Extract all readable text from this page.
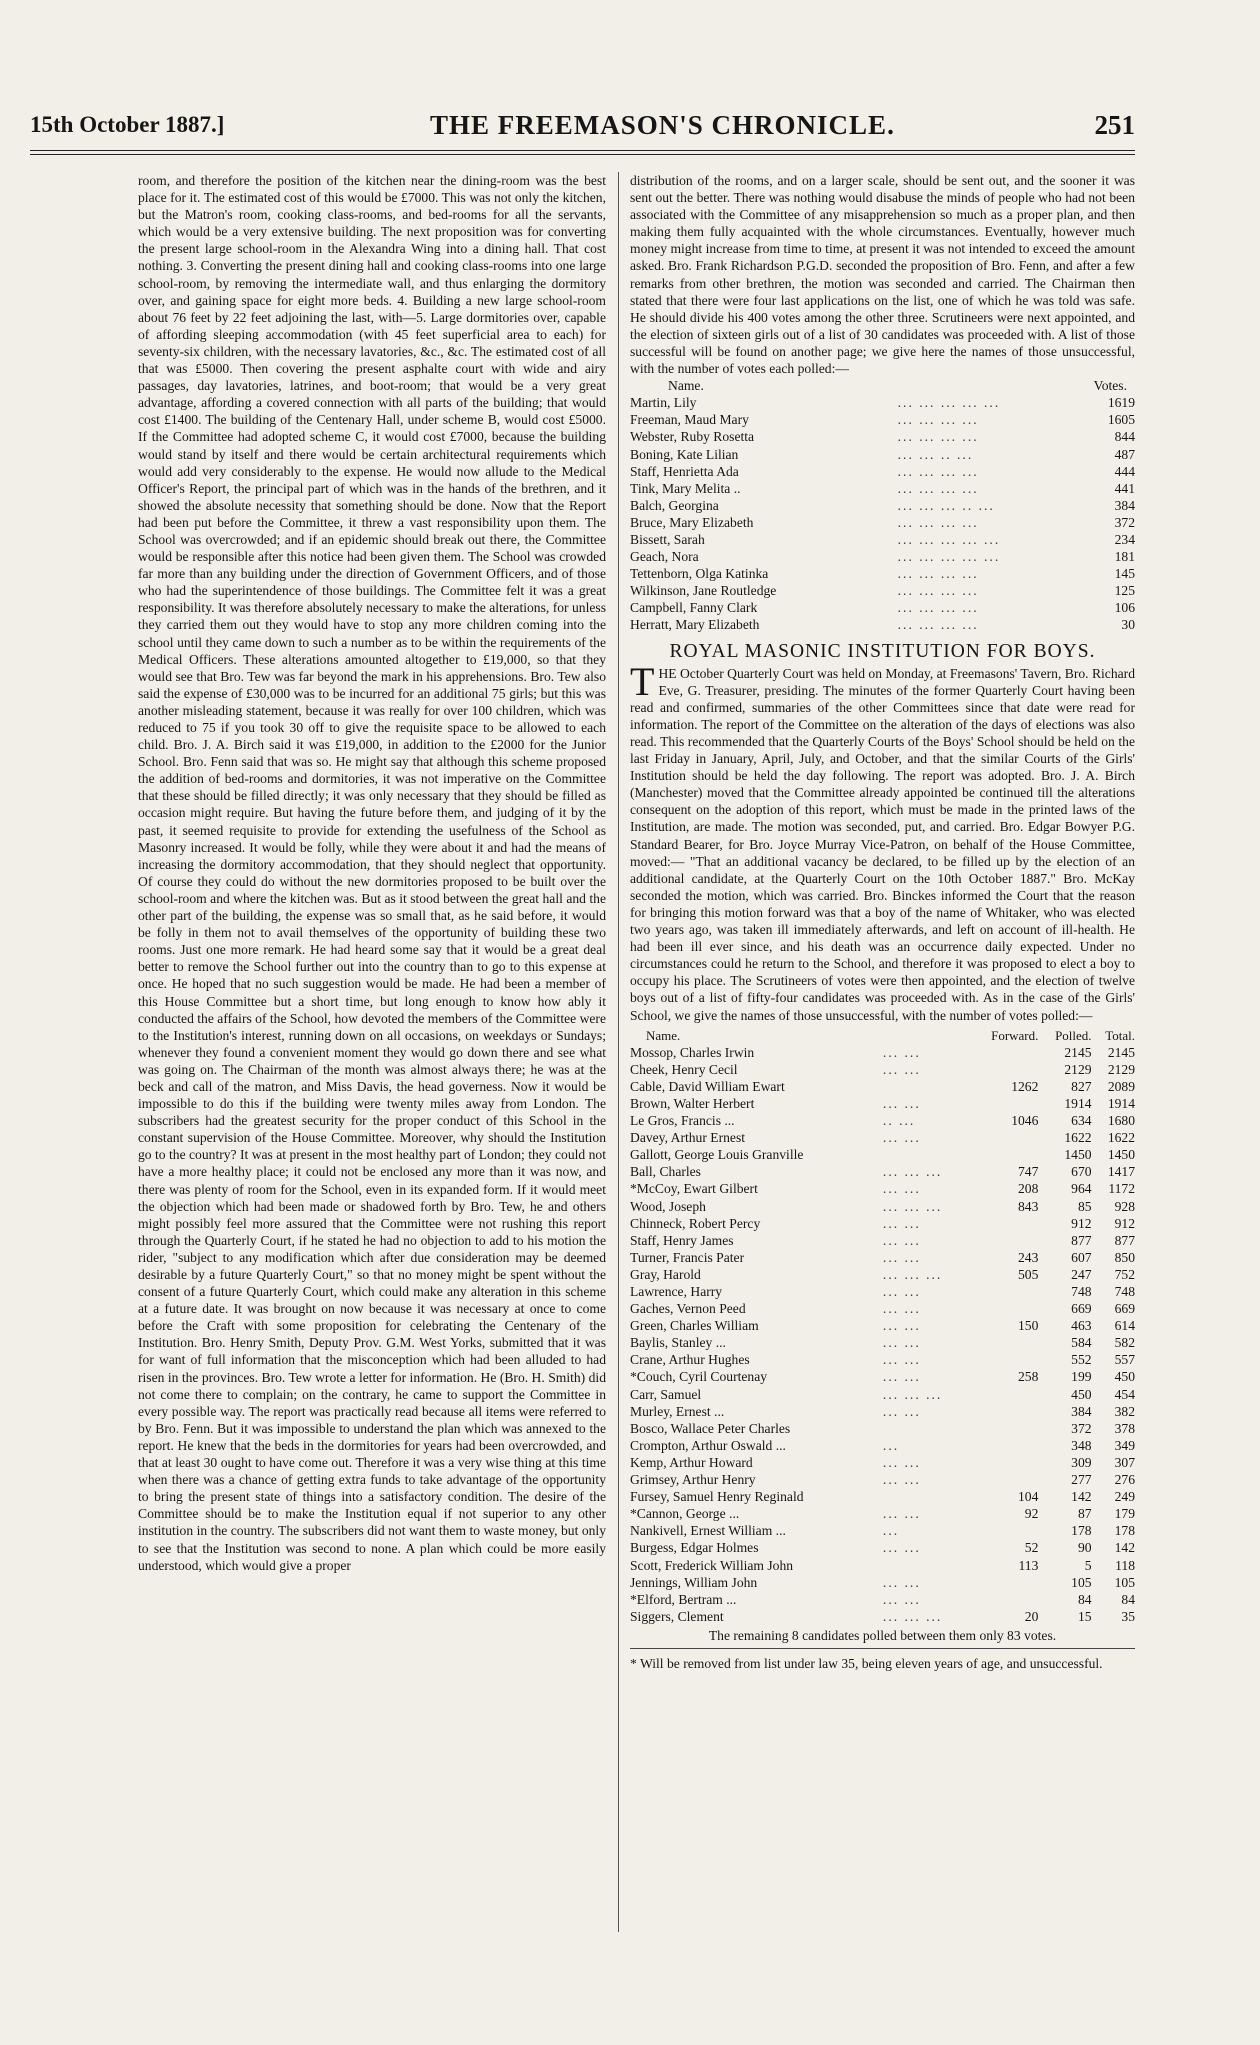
15th October 1887.]	THE FREEMASON'S CHRONICLE.	251

room, and therefore the position of the kitchen near the dining-room was the best place for it. The estimated cost of this would be £7000. This was not only the kitchen, but the Matron's room, cooking class-rooms, and bed-rooms for all the servants, which would be a very extensive building. The next proposition was for converting the present large school-room in the Alexandra Wing into a dining hall. That cost nothing. 3. Converting the present dining hall and cooking class-rooms into one large school-room, by removing the intermediate wall, and thus enlarging the dormitory over, and gaining space for eight more beds. 4. Building a new large school-room about 76 feet by 22 feet adjoining the last, with—5. Large dormitories over, capable of affording sleeping accommodation (with 45 feet superficial area to each) for seventy-six children, with the necessary lavatories, &c., &c. The estimated cost of all that was £5000. Then covering the present asphalte court with wide and airy passages, day lavatories, latrines, and boot-room; that would be a very great advantage, affording a covered connection with all parts of the building; that would cost £1400. The building of the Centenary Hall, under scheme B, would cost £5000. If the Committee had adopted scheme C, it would cost £7000, because the building would stand by itself and there would be certain architectural requirements which would add very considerably to the expense. He would now allude to the Medical Officer's Report, the principal part of which was in the hands of the brethren, and it showed the absolute necessity that something should be done. Now that the Report had been put before the Committee, it threw a vast responsibility upon them. The School was overcrowded; and if an epidemic should break out there, the Committee would be responsible after this notice had been given them. The School was crowded far more than any building under the direction of Government Officers, and of those who had the superintendence of those buildings. The Committee felt it was a great responsibility. It was therefore absolutely necessary to make the alterations, for unless they carried them out they would have to stop any more children coming into the school until they came down to such a number as to be within the requirements of the Medical Officers. These alterations amounted altogether to £19,000, so that they would see that Bro. Tew was far beyond the mark in his apprehensions. Bro. Tew also said the expense of £30,000 was to be incurred for an additional 75 girls; but this was another misleading statement, because it was really for over 100 children, which was reduced to 75 if you took 30 off to give the requisite space to be allowed to each child. Bro. J. A. Birch said it was £19,000, in addition to the £2000 for the Junior School. Bro. Fenn said that was so. He might say that although this scheme proposed the addition of bed-rooms and dormitories, it was not imperative on the Committee that these should be filled directly; it was only necessary that they should be filled as occasion might require. But having the future before them, and judging of it by the past, it seemed requisite to provide for extending the usefulness of the School as Masonry increased. It would be folly, while they were about it and had the means of increasing the dormitory accommodation, that they should neglect that opportunity. Of course they could do without the new dormitories proposed to be built over the school-room and where the kitchen was. But as it stood between the great hall and the other part of the building, the expense was so small that, as he said before, it would be folly in them not to avail themselves of the opportunity of building these two rooms. Just one more remark. He had heard some say that it would be a great deal better to remove the School further out into the country than to go to this expense at once. He hoped that no such suggestion would be made. He had been a member of this House Committee but a short time, but long enough to know how ably it conducted the affairs of the School, how devoted the members of the Committee were to the Institution's interest, running down on all occasions, on weekdays or Sundays; whenever they found a convenient moment they would go down there and see what was going on. The Chairman of the month was almost always there; he was at the beck and call of the matron, and Miss Davis, the head governess. Now it would be impossible to do this if the building were twenty miles away from London. The subscribers had the greatest security for the proper conduct of this School in the constant supervision of the House Committee. Moreover, why should the Institution go to the country? It was at present in the most healthy part of London; they could not have a more healthy place; it could not be enclosed any more than it was now, and there was plenty of room for the School, even in its expanded form. If it would meet the objection which had been made or shadowed forth by Bro. Tew, he and others might possibly feel more assured that the Committee were not rushing this report through the Quarterly Court, if he stated he had no objection to add to his motion the rider, "subject to any modification which after due consideration may be deemed desirable by a future Quarterly Court," so that no money might be spent without the consent of a future Quarterly Court, which could make any alteration in this scheme at a future date. It was brought on now because it was necessary at once to come before the Craft with some proposition for celebrating the Centenary of the Institution. Bro. Henry Smith, Deputy Prov. G.M. West Yorks, submitted that it was for want of full information that the misconception which had been alluded to had risen in the provinces. Bro. Tew wrote a letter for information. He (Bro. H. Smith) did not come there to complain; on the contrary, he came to support the Committee in every possible way. The report was practically read because all items were referred to by Bro. Fenn. But it was impossible to understand the plan which was annexed to the report. He knew that the beds in the dormitories for years had been overcrowded, and that at least 30 ought to have come out. Therefore it was a very wise thing at this time when there was a chance of getting extra funds to take advantage of the opportunity to bring the present state of things into a satisfactory condition. The desire of the Committee should be to make the Institution equal if not superior to any other institution in the country. The subscribers did not want them to waste money, but only to see that the Institution was second to none. A plan which could be more easily understood, which would give a proper

distribution of the rooms, and on a larger scale, should be sent out, and the sooner it was sent out the better. There was nothing would disabuse the minds of people who had not been associated with the Committee of any misapprehension so much as a proper plan, and then making them fully acquainted with the whole circumstances. Eventually, however much money might increase from time to time, at present it was not intended to exceed the amount asked. Bro. Frank Richardson P.G.D. seconded the proposition of Bro. Fenn, and after a few remarks from other brethren, the motion was seconded and carried. The Chairman then stated that there were four last applications on the list, one of which he was told was safe. He should divide his 400 votes among the other three. Scrutineers were next appointed, and the election of sixteen girls out of a list of 30 candidates was proceeded with. A list of those successful will be found on another page; we give here the names of those unsuccessful, with the number of votes each polled:—

Name.	Votes.
Martin, Lily	... ... ... ... ...	1619
Freeman, Maud Mary	... ... ... ...	1605
Webster, Ruby Rosetta	... ... ... ...	844
Boning, Kate Lilian	... ... .. ...	487
Staff, Henrietta Ada	... ... ... ...	444
Tink, Mary Melita ..	... ... ... ...	441
Balch, Georgina	... ... ... .. ...	384
Bruce, Mary Elizabeth	... ... ... ...	372
Bissett, Sarah	... ... ... ... ...	234
Geach, Nora	... ... ... ... ...	181
Tettenborn, Olga Katinka	... ... ... ...	145
Wilkinson, Jane Routledge	... ... ... ...	125
Campbell, Fanny Clark	... ... ... ...	106
Herratt, Mary Elizabeth	... ... ... ...	30
ROYAL MASONIC INSTITUTION FOR BOYS.

THE October Quarterly Court was held on Monday, at Freemasons' Tavern, Bro. Richard Eve, G. Treasurer, presiding. The minutes of the former Quarterly Court having been read and confirmed, summaries of the other Committees since that date were read for information. The report of the Committee on the alteration of the days of elections was also read. This recommended that the Quarterly Courts of the Boys' School should be held on the last Friday in January, April, July, and October, and that the similar Courts of the Girls' Institution should be held the day following. The report was adopted. Bro. J. A. Birch (Manchester) moved that the Committee already appointed be continued till the alterations consequent on the adoption of this report, which must be made in the printed laws of the Institution, are made. The motion was seconded, put, and carried. Bro. Edgar Bowyer P.G. Standard Bearer, for Bro. Joyce Murray Vice-Patron, on behalf of the House Committee, moved:— "That an additional vacancy be declared, to be filled up by the election of an additional candidate, at the Quarterly Court on the 10th October 1887." Bro. McKay seconded the motion, which was carried. Bro. Binckes informed the Court that the reason for bringing this motion forward was that a boy of the name of Whitaker, who was elected two years ago, was taken ill immediately afterwards, and left on account of ill-health. He had been ill ever since, and his death was an occurrence daily expected. Under no circumstances could he return to the School, and therefore it was proposed to elect a boy to occupy his place. The Scrutineers of votes were then appointed, and the election of twelve boys out of a list of fifty-four candidates was proceeded with. As in the case of the Girls' School, we give the names of those unsuccessful, with the number of votes polled:—

Name.		Forward.	Polled.	Total.
Mossop, Charles Irwin	... ...		2145	2145
Cheek, Henry Cecil	... ...		2129	2129
Cable, David William Ewart		1262	827	2089
Brown, Walter Herbert	... ...		1914	1914
Le Gros, Francis ...	.. ...	1046	634	1680
Davey, Arthur Ernest	... ...		1622	1622
Gallott, George Louis Granville			1450	1450
Ball, Charles	... ... ...	747	670	1417
*McCoy, Ewart Gilbert	... ...	208	964	1172
Wood, Joseph	... ... ...	843	85	928
Chinneck, Robert Percy	... ...		912	912
Staff, Henry James	... ...		877	877
Turner, Francis Pater	... ...	243	607	850
Gray, Harold	... ... ...	505	247	752
Lawrence, Harry	... ...		748	748
Gaches, Vernon Peed	... ...		669	669
Green, Charles William	... ...	150	463	614
Baylis, Stanley ...	... ...		584	582
Crane, Arthur Hughes	... ...		552	557
*Couch, Cyril Courtenay	... ...	258	199	450
Carr, Samuel	... ... ...		450	454
Murley, Ernest ...	... ...		384	382
Bosco, Wallace Peter Charles			372	378
Crompton, Arthur Oswald ...	...		348	349
Kemp, Arthur Howard	... ...		309	307
Grimsey, Arthur Henry	... ...		277	276
Fursey, Samuel Henry Reginald		104	142	249
*Cannon, George ...	... ...	92	87	179
Nankivell, Ernest William ...	...		178	178
Burgess, Edgar Holmes	... ...	52	90	142
Scott, Frederick William John		113	5	118
Jennings, William John	... ...		105	105
*Elford, Bertram ...	... ...		84	84
Siggers, Clement	... ... ...	20	15	35

The remaining 8 candidates polled between them only 83 votes.

* Will be removed from list under law 35, being eleven years of age, and unsuccessful.
